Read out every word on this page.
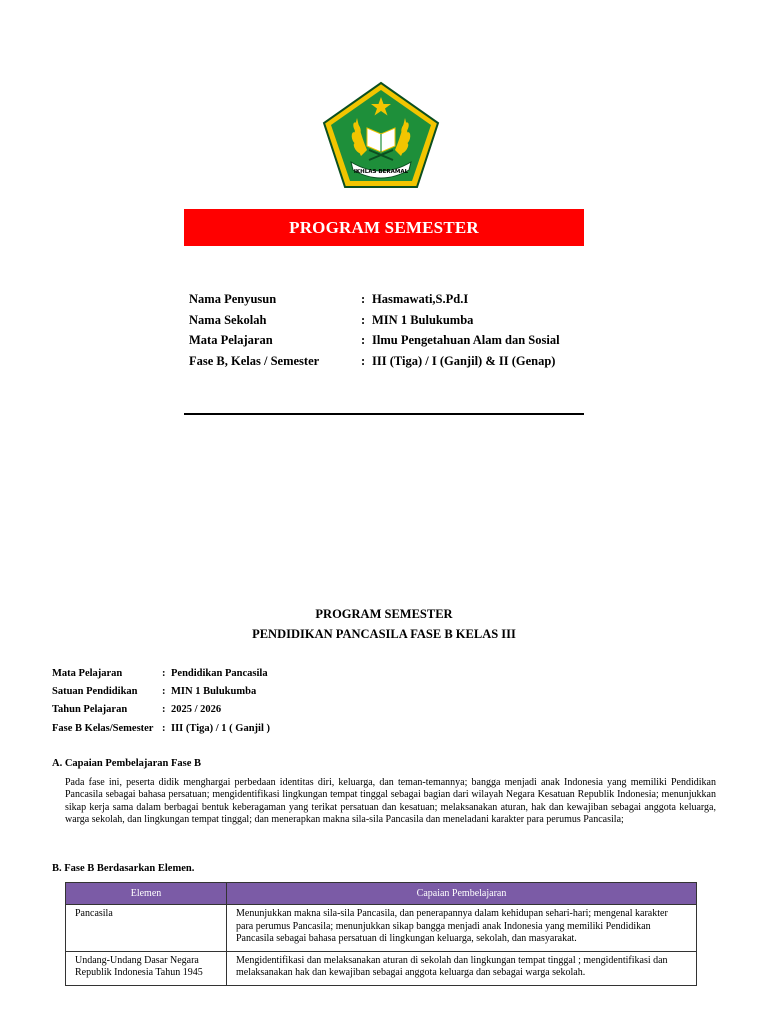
IKHLAS BERAMAL
PROGRAM SEMESTER
Nama Penyusun	: Hasmawati,S.Pd.I
Nama Sekolah	: MIN 1 Bulukumba
Mata Pelajaran	: Ilmu Pengetahuan Alam dan Sosial
Fase B, Kelas / Semester	: III (Tiga) / I (Ganjil) & II (Genap)
PROGRAM SEMESTER
PENDIDIKAN PANCASILA FASE B KELAS III
Mata Pelajaran	: Pendidikan Pancasila
Satuan Pendidikan : MIN 1 Bulukumba
Tahun Pelajaran	: 2025 / 2026
Fase B Kelas/Semester : III (Tiga) / 1 ( Ganjil )
A. Capaian Pembelajaran Fase B

Pada fase ini, peserta didik menghargai perbedaan identitas diri, keluarga, dan teman-temannya; bangga menjadi anak Indonesia yang memiliki Pendidikan Pancasila sebagai bahasa persatuan; mengidentifikasi lingkungan tempat tinggal sebagai bagian dari wilayah Negara Kesatuan Republik Indonesia; menunjukkan sikap kerja sama dalam berbagai bentuk keberagaman yang terikat persatuan dan kesatuan; melaksanakan aturan, hak dan kewajiban sebagai anggota keluarga, warga sekolah, dan lingkungan tempat tinggal; dan menerapkan makna sila-sila Pancasila dan meneladani karakter para perumus Pancasila;

B. Fase B Berdasarkan Elemen.
Elemen	Capaian Pembelajaran
Pancasila	Menunjukkan makna sila-sila Pancasila, dan penerapannya dalam kehidupan sehari-hari; mengenal karakter para perumus Pancasila; menunjukkan sikap bangga menjadi anak Indonesia yang memiliki Pendidikan Pancasila sebagai bahasa persatuan di lingkungan keluarga, sekolah, dan masyarakat.
Undang-Undang Dasar Negara Republik Indonesia Tahun 1945	Mengidentifikasi dan melaksanakan aturan di sekolah dan lingkungan tempat tinggal ; mengidentifikasi dan melaksanakan hak dan kewajiban sebagai anggota keluarga dan sebagai warga sekolah.
